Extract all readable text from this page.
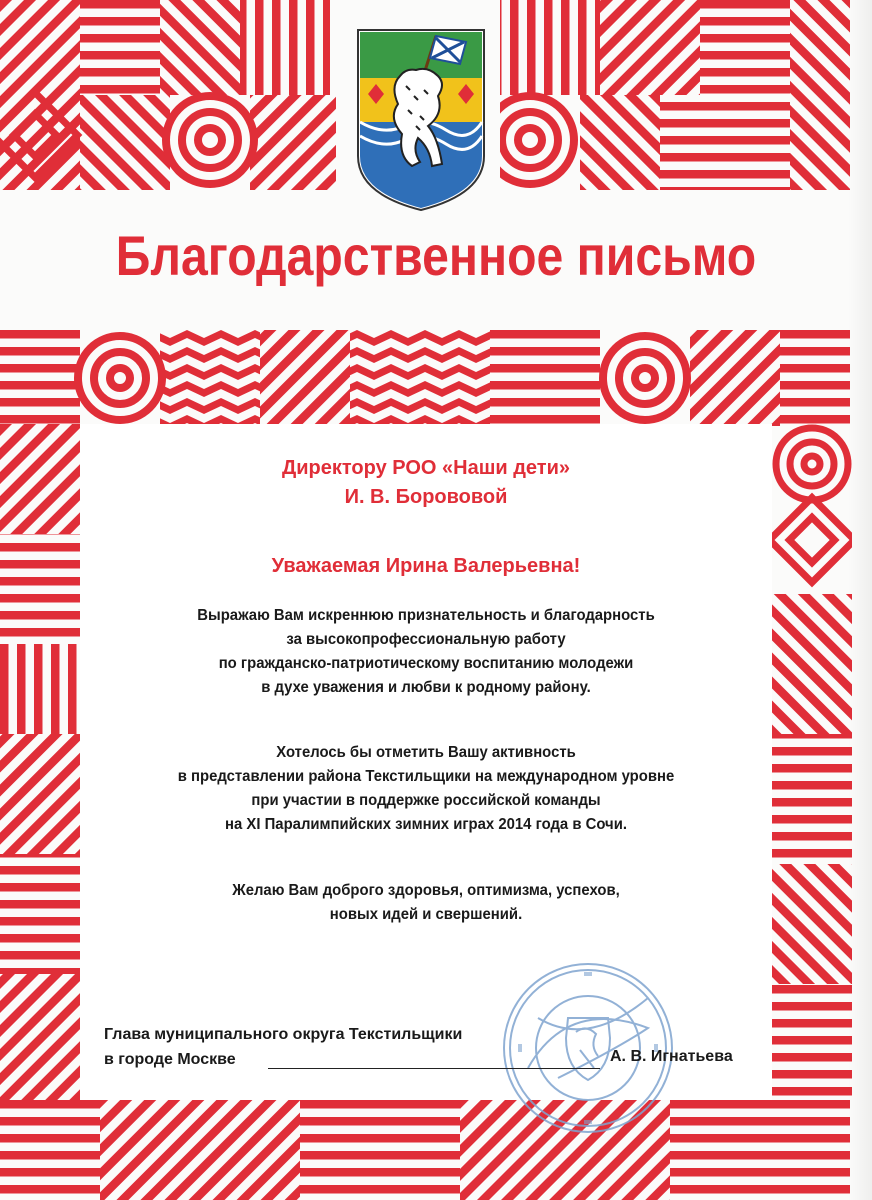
Благодарственное письмо

Директору РОО «Наши дети»

И. В. Борововой

Уважаемая Ирина Валерьевна!

Выражаю Вам искреннюю признательность и благодарность

за высокопрофессиональную работу

по гражданско-патриотическому воспитанию молодежи

в духе уважения и любви к родному району.

Хотелось бы отметить Вашу активность

в представлении района Текстильщики на международном уровне

при участии в поддержке российской команды

на XI Паралимпийских зимних играх 2014 года в Сочи.

Желаю Вам доброго здоровья, оптимизма, успехов,

новых идей и свершений.

Глава муниципального округа Текстильщики
в городе Москве	А. В. Игнатьева
